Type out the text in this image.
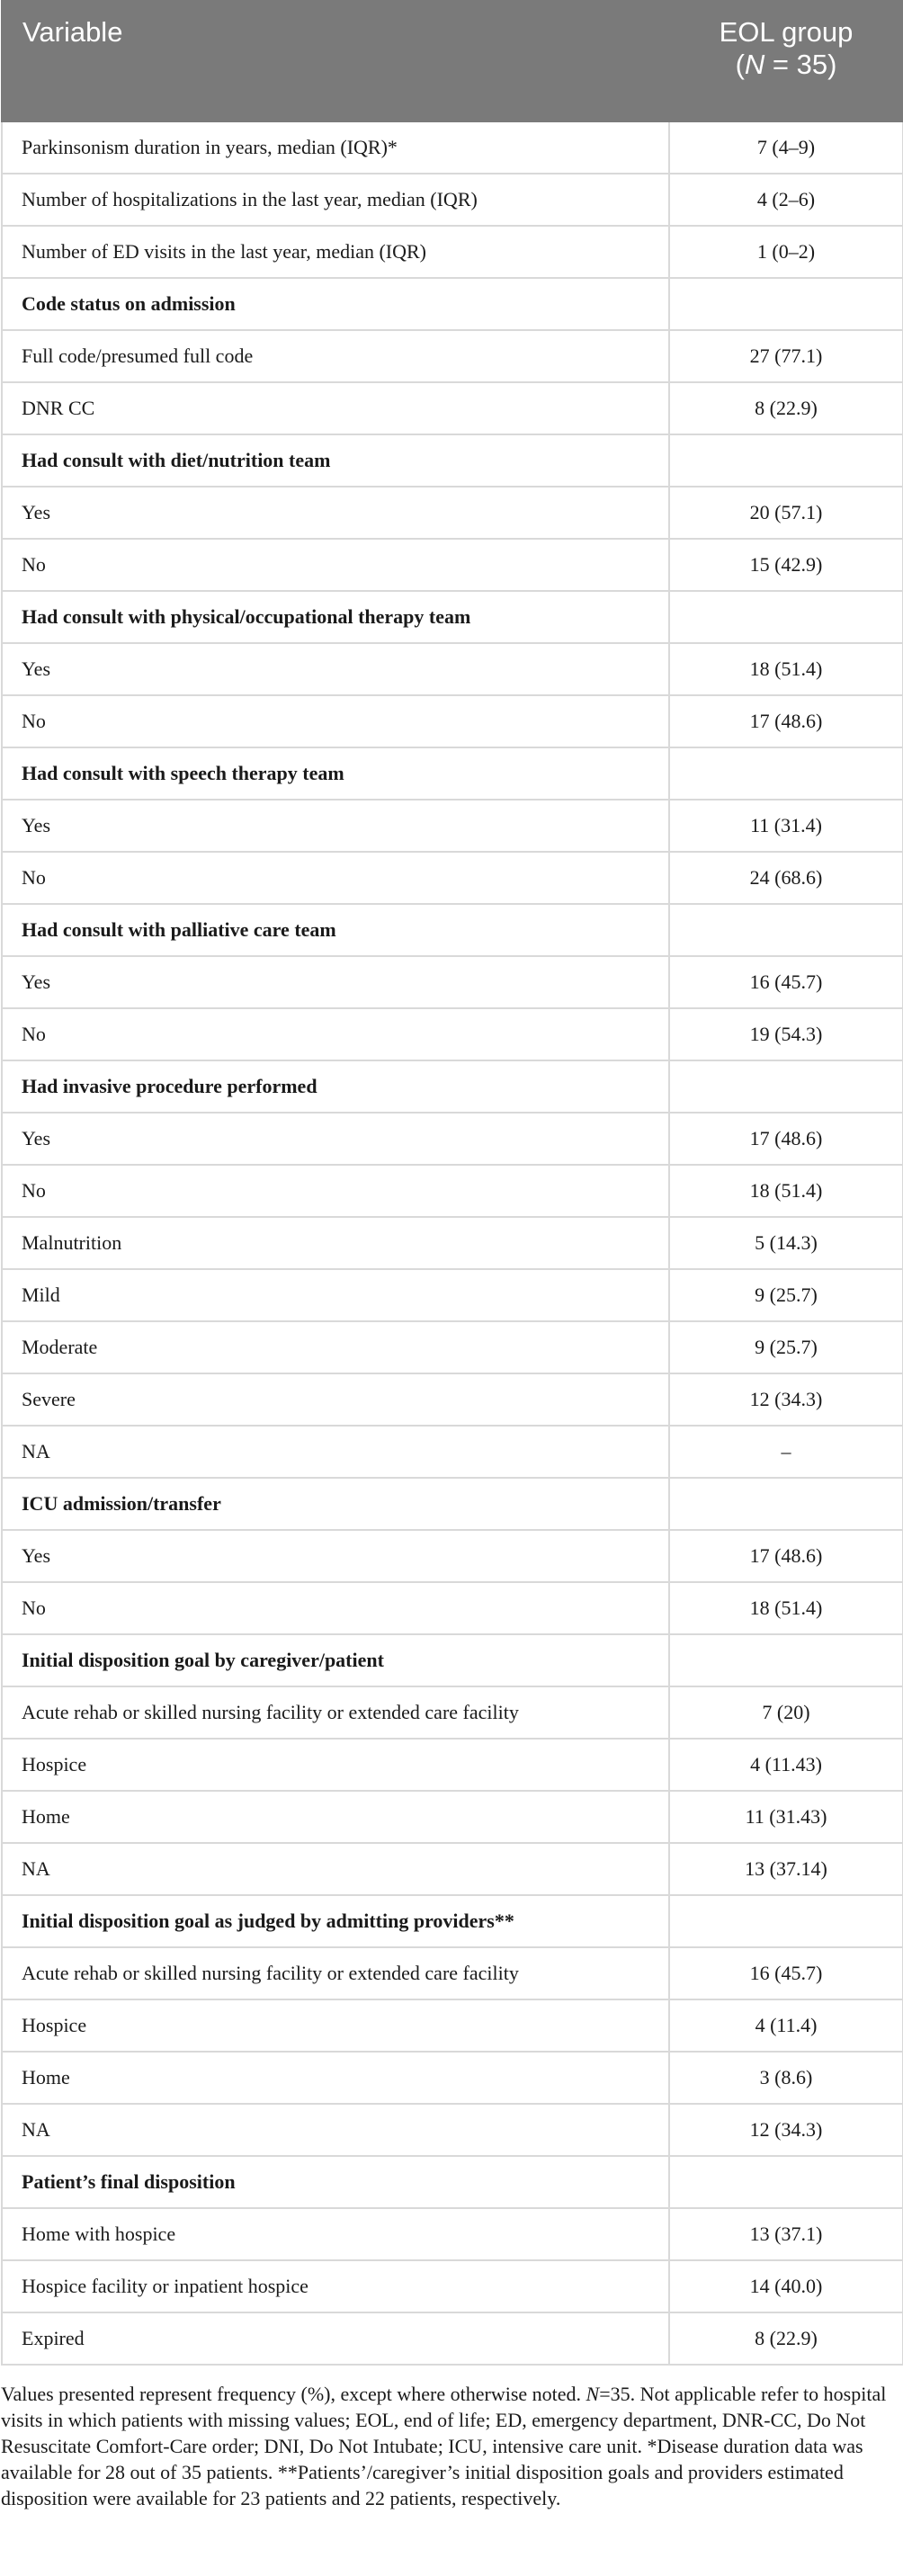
Variable	EOL group
(N = 35)
Parkinsonism duration in years, median (IQR)*	7 (4–9)
Number of hospitalizations in the last year, median (IQR)	4 (2–6)
Number of ED visits in the last year, median (IQR)	1 (0–2)
Code status on admission	
Full code/presumed full code	27 (77.1)
DNR CC	8 (22.9)
Had consult with diet/nutrition team	
Yes	20 (57.1)
No	15 (42.9)
Had consult with physical/occupational therapy team	
Yes	18 (51.4)
No	17 (48.6)
Had consult with speech therapy team	
Yes	11 (31.4)
No	24 (68.6)
Had consult with palliative care team	
Yes	16 (45.7)
No	19 (54.3)
Had invasive procedure performed	
Yes	17 (48.6)
No	18 (51.4)
Malnutrition	5 (14.3)
Mild	9 (25.7)
Moderate	9 (25.7)
Severe	12 (34.3)
NA	–
ICU admission/transfer	
Yes	17 (48.6)
No	18 (51.4)
Initial disposition goal by caregiver/patient	
Acute rehab or skilled nursing facility or extended care facility	7 (20)
Hospice	4 (11.43)
Home	11 (31.43)
NA	13 (37.14)
Initial disposition goal as judged by admitting providers**	
Acute rehab or skilled nursing facility or extended care facility	16 (45.7)
Hospice	4 (11.4)
Home	3 (8.6)
NA	12 (34.3)
Patient’s final disposition	
Home with hospice	13 (37.1)
Hospice facility or inpatient hospice	14 (40.0)
Expired	8 (22.9)
Values presented represent frequency (%), except where otherwise noted. N=35. Not applicable refer to hospital visits in which patients with missing values; EOL, end of life; ED, emergency department, DNR-CC, Do Not Resuscitate Comfort-Care order; DNI, Do Not Intubate; ICU, intensive care unit. *Disease duration data was available for 28 out of 35 patients. **Patients’/caregiver’s initial disposition goals and providers estimated disposition were available for 23 patients and 22 patients, respectively.
